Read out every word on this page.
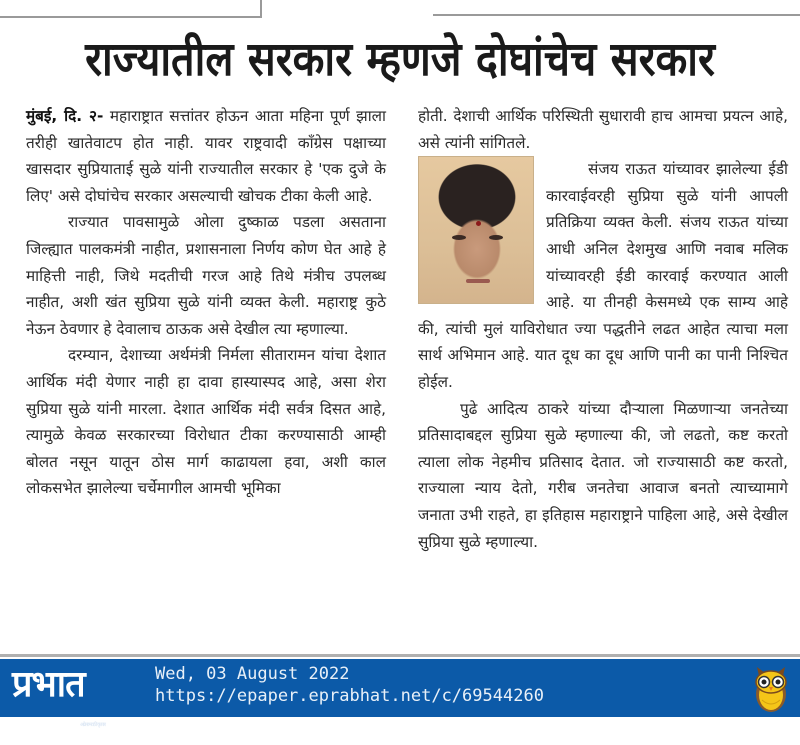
राज्यातील सरकार म्हणजे दोघांचेच सरकार

मुंबई, दि. २- महाराष्ट्रात सत्तांतर होऊन आता महिना पूर्ण झाला तरीही खातेवाटप होत नाही. यावर राष्ट्रवादी काँग्रेस पक्षाच्या खासदार सुप्रियाताई सुळे यांनी राज्यातील सरकार हे 'एक दुजे के लिए' असे दोघांचेच सरकार असल्याची खोचक टीका केली आहे.

राज्यात पावसामुळे ओला दुष्काळ पडला असताना जिल्ह्यात पालकमंत्री नाहीत, प्रशासनाला निर्णय कोण घेत आहे हे माहित्ती नाही, जिथे मदतीची गरज आहे तिथे मंत्रीच उपलब्ध नाहीत, अशी खंत सुप्रिया सुळे यांनी व्यक्त केली. महाराष्ट्र कुठे नेऊन ठेवणार हे देवालाच ठाऊक असे देखील त्या म्हणाल्या.

दरम्यान, देशाच्या अर्थमंत्री निर्मला सीतारामन यांचा देशात आर्थिक मंदी येणार नाही हा दावा हास्यास्पद आहे, असा शेरा सुप्रिया सुळे यांनी मारला. देशात आर्थिक मंदी सर्वत्र दिसत आहे, त्यामुळे केवळ सरकारच्या विरोधात टीका करण्यासाठी आम्ही बोलत नसून यातून ठोस मार्ग काढायला हवा, अशी काल लोकसभेत झालेल्या चर्चेमागील आमची भूमिका

होती. देशाची आर्थिक परिस्थिती सुधारावी हाच आमचा प्रयत्न आहे, असे त्यांनी सांगितले.

संजय राऊत यांच्यावर झालेल्या ईडी कारवाईवरही सुप्रिया सुळे यांनी आपली प्रतिक्रिया व्यक्त केली. संजय राऊत यांच्या आधी अनिल देशमुख आणि नवाब मलिक यांच्यावरही ईडी कारवाई करण्यात आली आहे. या तीनही केसमध्ये एक साम्य आहे की, त्यांची मुलं याविरोधात ज्या पद्धतीने लढत आहेत त्याचा मला सार्थ अभिमान आहे. यात दूध का दूध आणि पानी का पानी निश्चित होईल.

पुढे आदित्य ठाकरे यांच्या दौऱ्याला मिळणाऱ्या जनतेच्या प्रतिसादाबद्दल सुप्रिया सुळे म्हणाल्या की, जो लढतो, कष्ट करतो त्याला लोक नेहमीच प्रतिसाद देतात. जो राज्यासाठी कष्ट करतो, राज्याला न्याय देतो, गरीब जनतेचा आवाज बनतो त्याच्यामागे जनाता उभी राहते, हा इतिहास महाराष्ट्राने पाहिला आहे, असे देखील सुप्रिया सुळे म्हणाल्या.

प्रभात
अग्रेसर मराठी वृत्तपत्र
Wed, 03 August 2022
https://epaper.eprabhat.net/c/69544260
